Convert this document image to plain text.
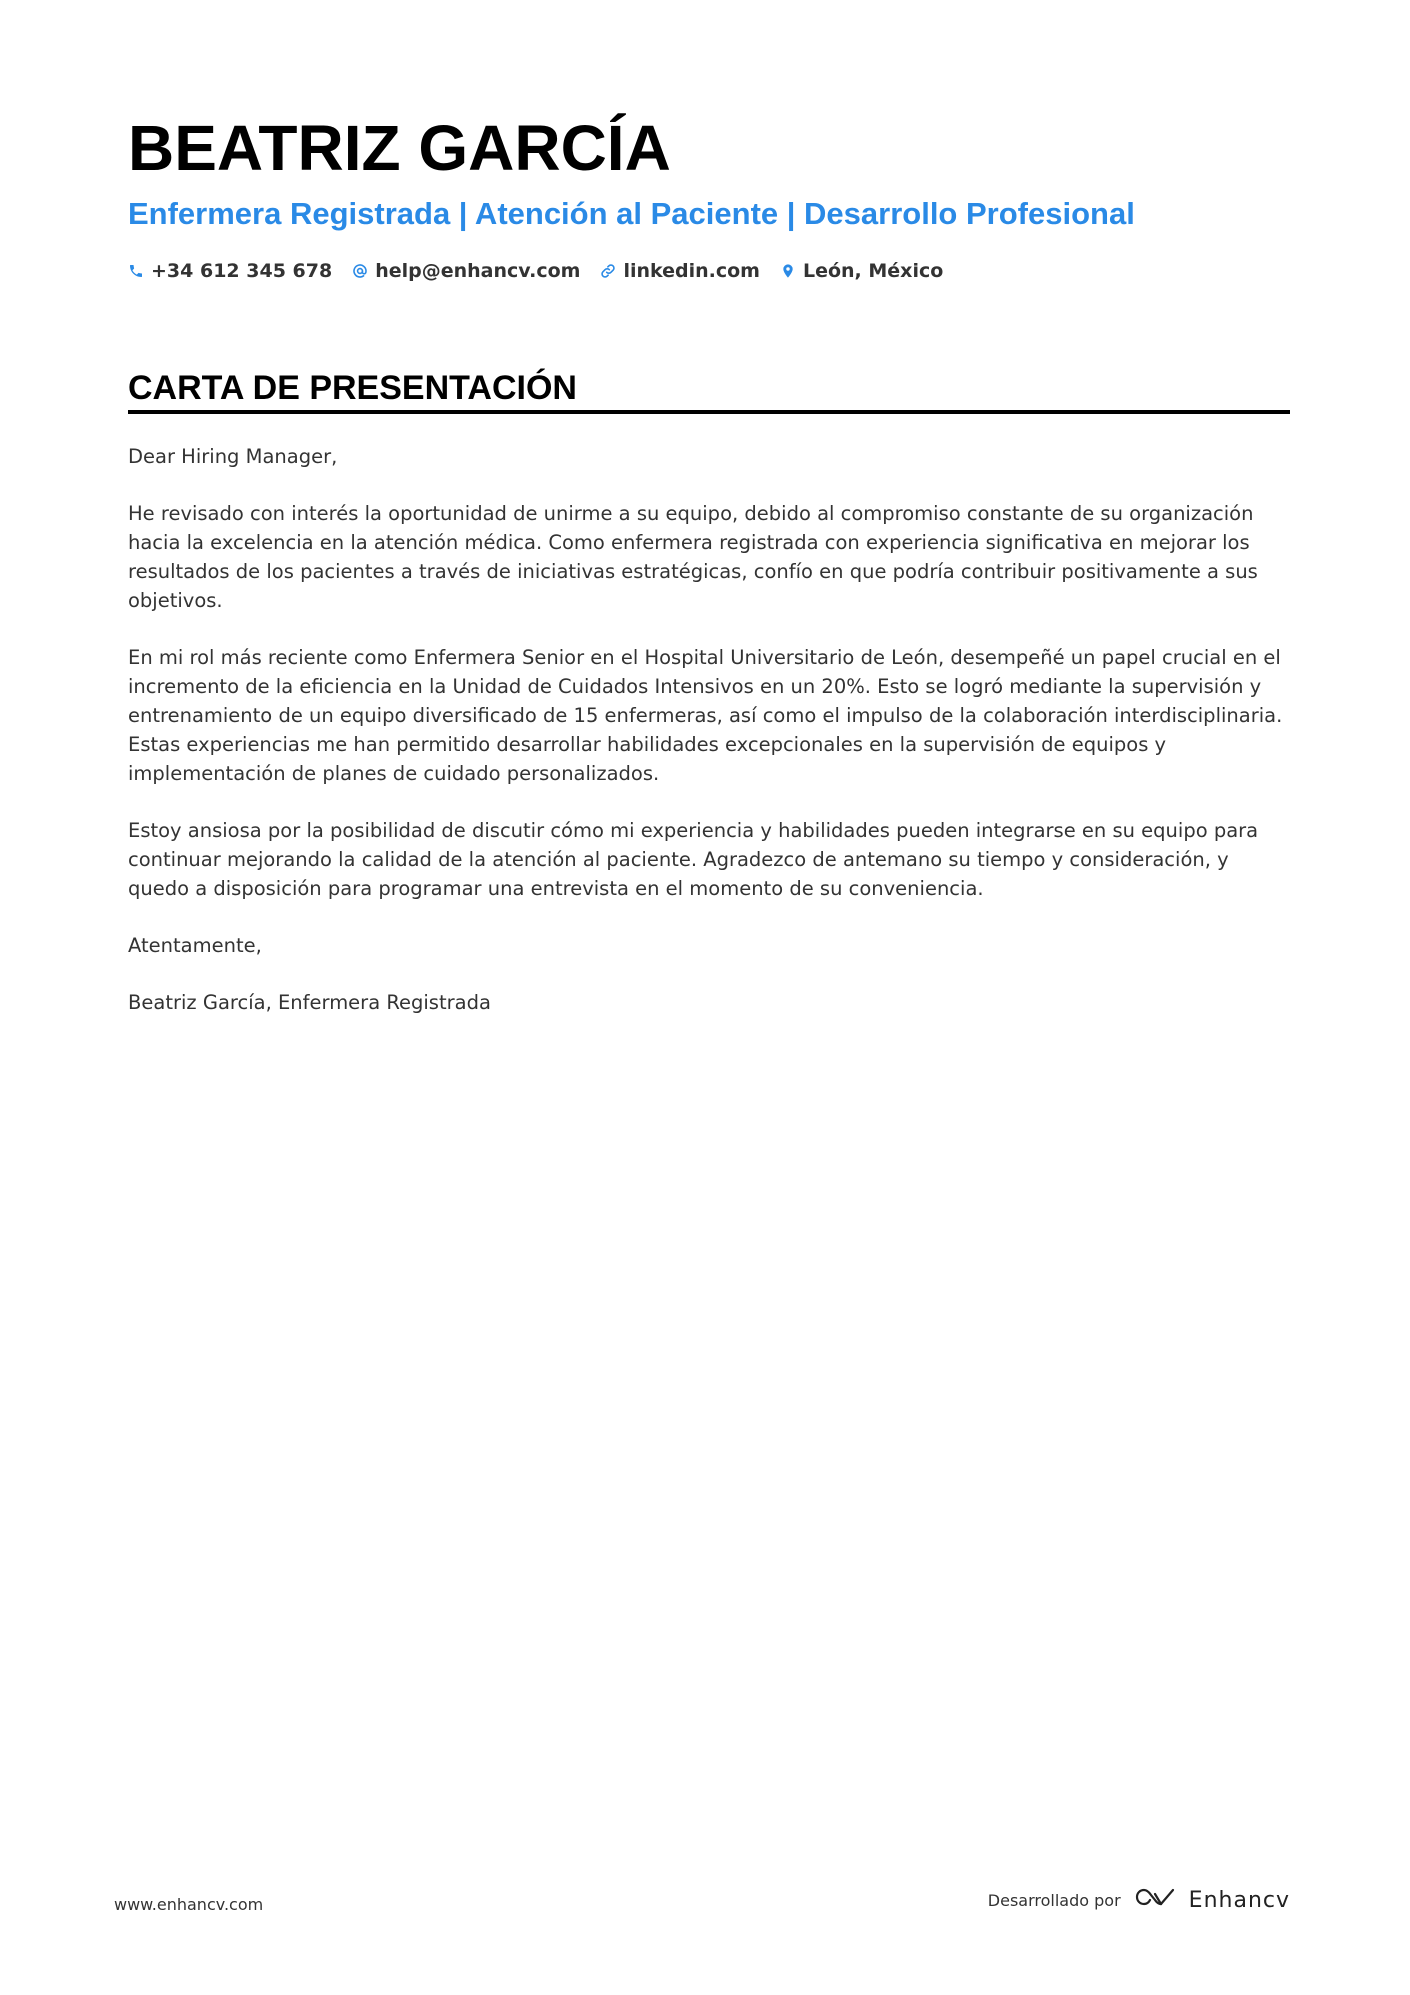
BEATRIZ GARCÍA
Enfermera Registrada | Atención al Paciente | Desarrollo Profesional
+34 612 345 678 help@enhancv.com linkedin.com León, México
CARTA DE PRESENTACIÓN

Dear Hiring Manager,

He revisado con interés la oportunidad de unirme a su equipo, debido al compromiso constante de su organización hacia la excelencia en la atención médica. Como enfermera registrada con experiencia significativa en mejorar los resultados de los pacientes a través de iniciativas estratégicas, confío en que podría contribuir positivamente a sus objetivos.

En mi rol más reciente como Enfermera Senior en el Hospital Universitario de León, desempeñé un papel crucial en el incremento de la eficiencia en la Unidad de Cuidados Intensivos en un 20%. Esto se logró mediante la supervisión y entrenamiento de un equipo diversificado de 15 enfermeras, así como el impulso de la colaboración interdisciplinaria. Estas experiencias me han permitido desarrollar habilidades excepcionales en la supervisión de equipos y implementación de planes de cuidado personalizados.

Estoy ansiosa por la posibilidad de discutir cómo mi experiencia y habilidades pueden integrarse en su equipo para continuar mejorando la calidad de la atención al paciente. Agradezco de antemano su tiempo y consideración, y quedo a disposición para programar una entrevista en el momento de su conveniencia.

Atentamente,

Beatriz García, Enfermera Registrada

www.enhancv.com	Desarrollado por	Enhancv
